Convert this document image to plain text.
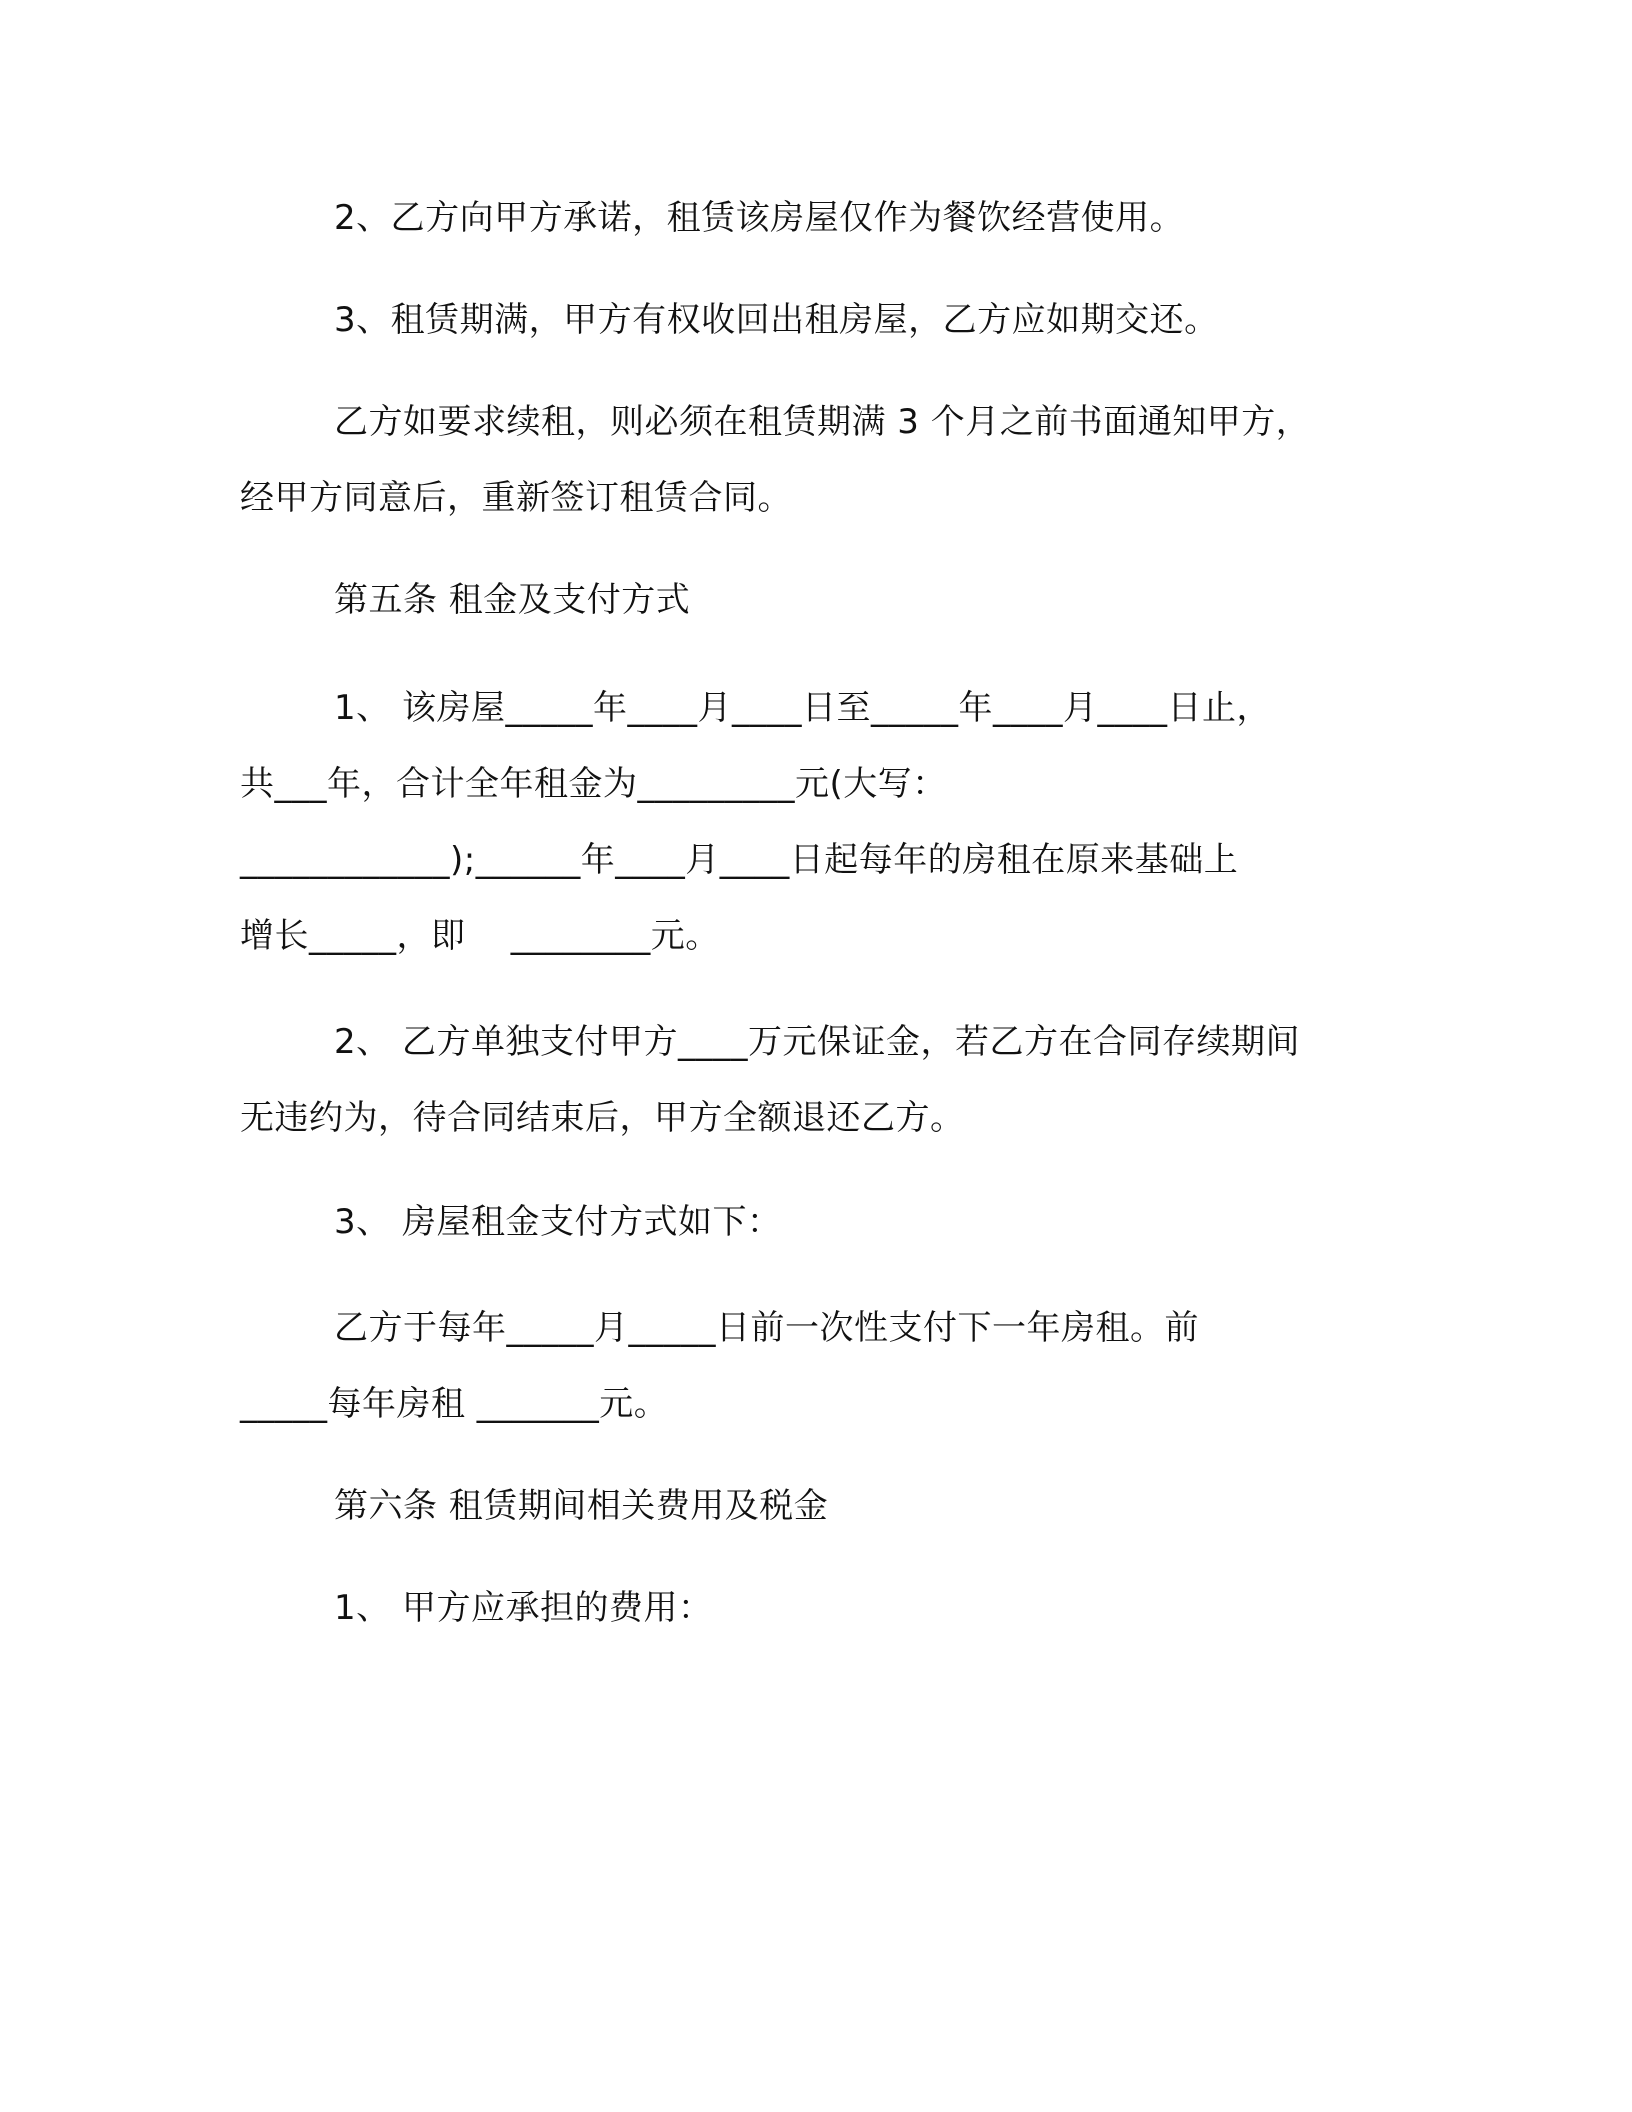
2、乙方向甲方承诺，租赁该房屋仅作为餐饮经营使用。
3、租赁期满，甲方有权收回出租房屋，乙方应如期交还。
乙方如要求续租，则必须在租赁期满 3 个月之前书面通知甲方，
经甲方同意后，重新签订租赁合同。
第五条 租金及支付方式
1、 该房屋_____年____月____日至_____年____月____日止，
共___年，合计全年租金为_________元(大写：
____________);______年____月____日起每年的房租在原来基础上
增长_____，即    ________元。
2、 乙方单独支付甲方____万元保证金，若乙方在合同存续期间
无违约为，待合同结束后，甲方全额退还乙方。
3、 房屋租金支付方式如下：
乙方于每年_____月_____日前一次性支付下一年房租。前
_____每年房租 _______元。
第六条 租赁期间相关费用及税金
1、 甲方应承担的费用：
